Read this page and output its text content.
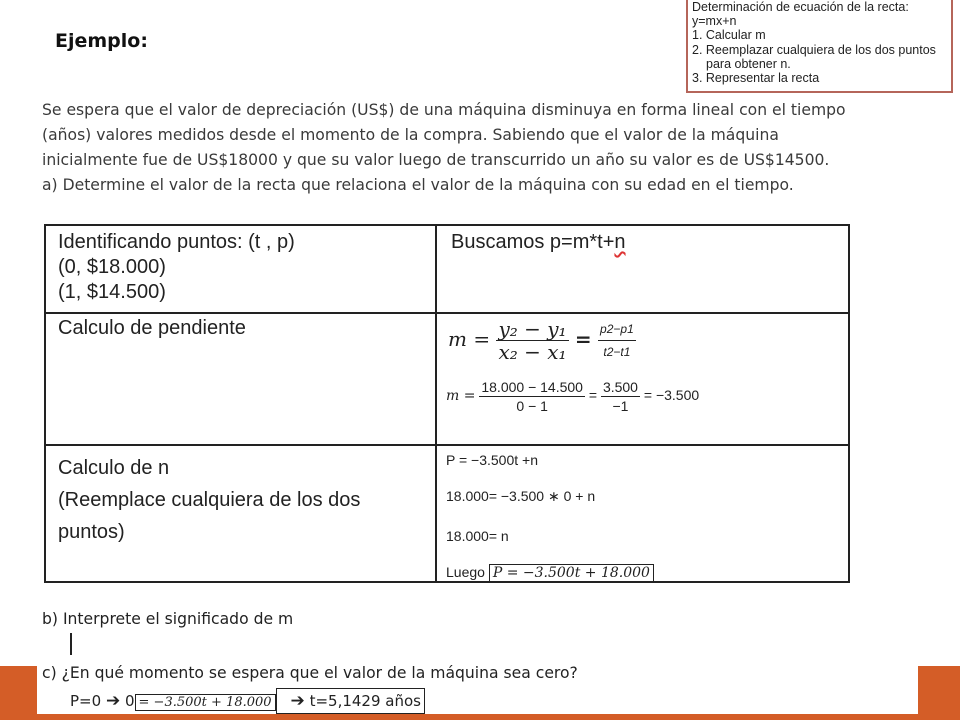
Ejemplo:
Determinación de ecuación de la recta:
y=mx+n
1. Calcular m
2. Reemplazar cualquiera de los dos puntos
para obtener n.
3. Representar la recta
Se espera que el valor de depreciación (US$) de una máquina disminuya en forma lineal con el tiempo
(años) valores medidos desde el momento de la compra. Sabiendo que el valor de la máquina
inicialmente fue de US$18000 y que su valor luego de transcurrido un año su valor es de US$14500.
a) Determine el valor de la recta que relaciona el valor de la máquina con su edad en el tiempo.
Identificando puntos: (t , p)
(0, $18.000)
(1, $14.500)
Buscamos p=m*t+n
Calculo de pendiente	$m = \frac{\text{y₂ − y₁}}{\text{x₂ − x₁}} = \frac{p2-p1}{t2-t1}$
$m = \frac{18.000 - 14.500}{0 - 1} = \frac{3.500}{-1} = -3.500$
Calculo de n
(Reemplace cualquiera de los dos
puntos)
P = −3.500t +n
18.000= −3.500 ∗ 0 + n
18.000= n
Luego P = −3.500t + 18.000
b) Interprete el significado de m
c) ¿En qué momento se espera que el valor de la máquina sea cero?
P=0 ➔ 0 = −3.500t + 18.000 ➔ t=5,1429 años
